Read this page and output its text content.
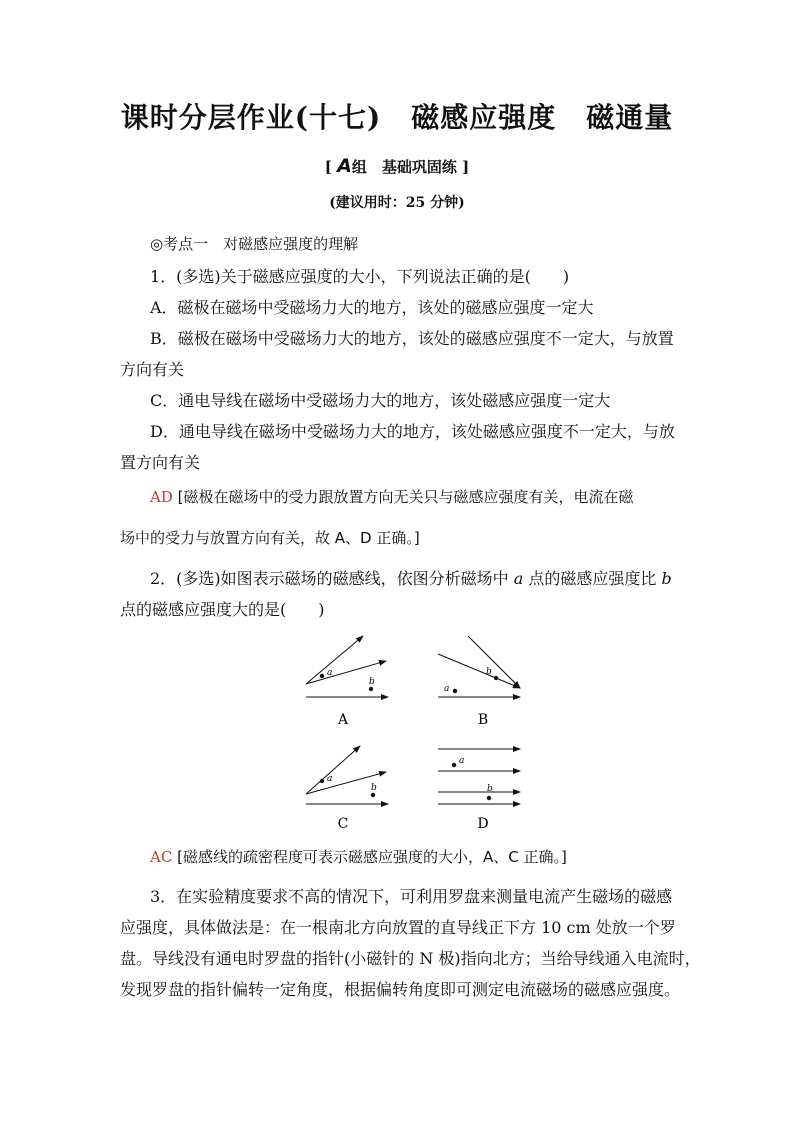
课时分层作业(十七) 磁感应强度 磁通量
[ A组　基础巩固练 ]
(建议用时：25 分钟)
◎考点一　对磁感应强度的理解
1．(多选)关于磁感应强度的大小，下列说法正确的是(　　)
A．磁极在磁场中受磁场力大的地方，该处的磁感应强度一定大
B．磁极在磁场中受磁场力大的地方，该处的磁感应强度不一定大，与放置
方向有关
C．通电导线在磁场中受磁场力大的地方，该处磁感应强度一定大
D．通电导线在磁场中受磁场力大的地方，该处磁感应强度不一定大，与放
置方向有关
AD [磁极在磁场中的受力跟放置方向无关只与磁感应强度有关，电流在磁
场中的受力与放置方向有关，故 A、D 正确。]
2．(多选)如图表示磁场的磁感线，依图分析磁场中 a 点的磁感应强度比 b
点的磁感应强度大的是(　　)
a
b
A
a
b
B
a
b
C
a
b
D
AC [磁感线的疏密程度可表示磁感应强度的大小，A、C 正确。]
3．在实验精度要求不高的情况下，可利用罗盘来测量电流产生磁场的磁感
应强度，具体做法是：在一根南北方向放置的直导线正下方 10 cm 处放一个罗
盘。导线没有通电时罗盘的指针(小磁针的 N 极)指向北方；当给导线通入电流时，
发现罗盘的指针偏转一定角度，根据偏转角度即可测定电流磁场的磁感应强度。
